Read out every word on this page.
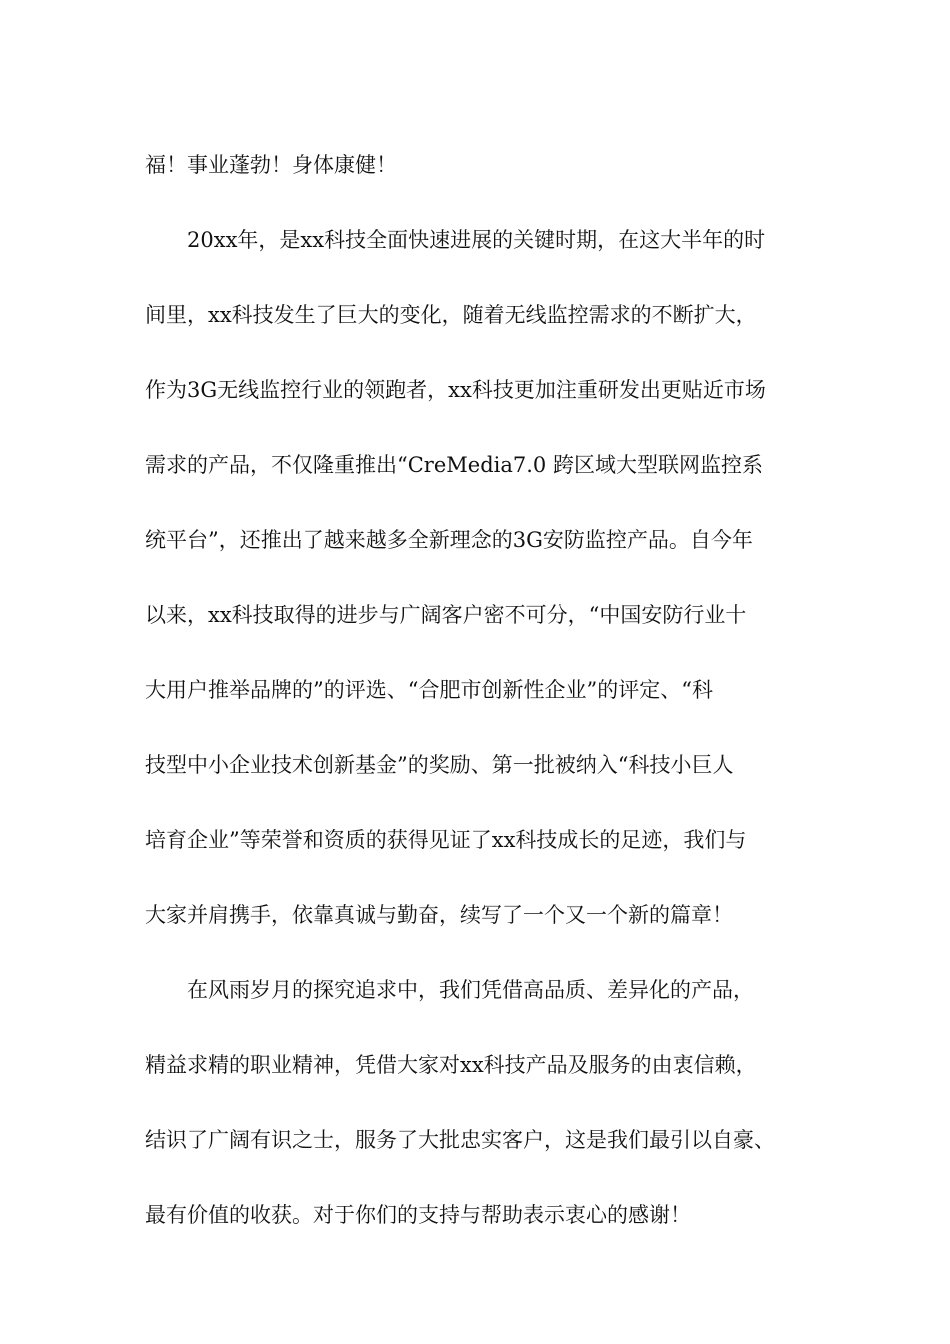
福！事业蓬勃！身体康健！
20xx年，是xx科技全面快速进展的关键时期，在这大半年的时
间里，xx科技发生了巨大的变化，随着无线监控需求的不断扩大，
作为3G无线监控行业的领跑者，xx科技更加注重研发出更贴近市场
需求的产品，不仅隆重推出“CreMedia7.0 跨区域大型联网监控系
统平台”，还推出了越来越多全新理念的3G安防监控产品。自今年
以来，xx科技取得的进步与广阔客户密不可分，“中国安防行业十
大用户推举品牌的”的评选、“合肥市创新性企业”的评定、“科
技型中小企业技术创新基金”的奖励、第一批被纳入“科技小巨人
培育企业”等荣誉和资质的获得见证了xx科技成长的足迹，我们与
大家并肩携手，依靠真诚与勤奋，续写了一个又一个新的篇章！
在风雨岁月的探究追求中，我们凭借高品质、差异化的产品，
精益求精的职业精神，凭借大家对xx科技产品及服务的由衷信赖，
结识了广阔有识之士，服务了大批忠实客户，这是我们最引以自豪、
最有价值的收获。对于你们的支持与帮助表示衷心的感谢！
